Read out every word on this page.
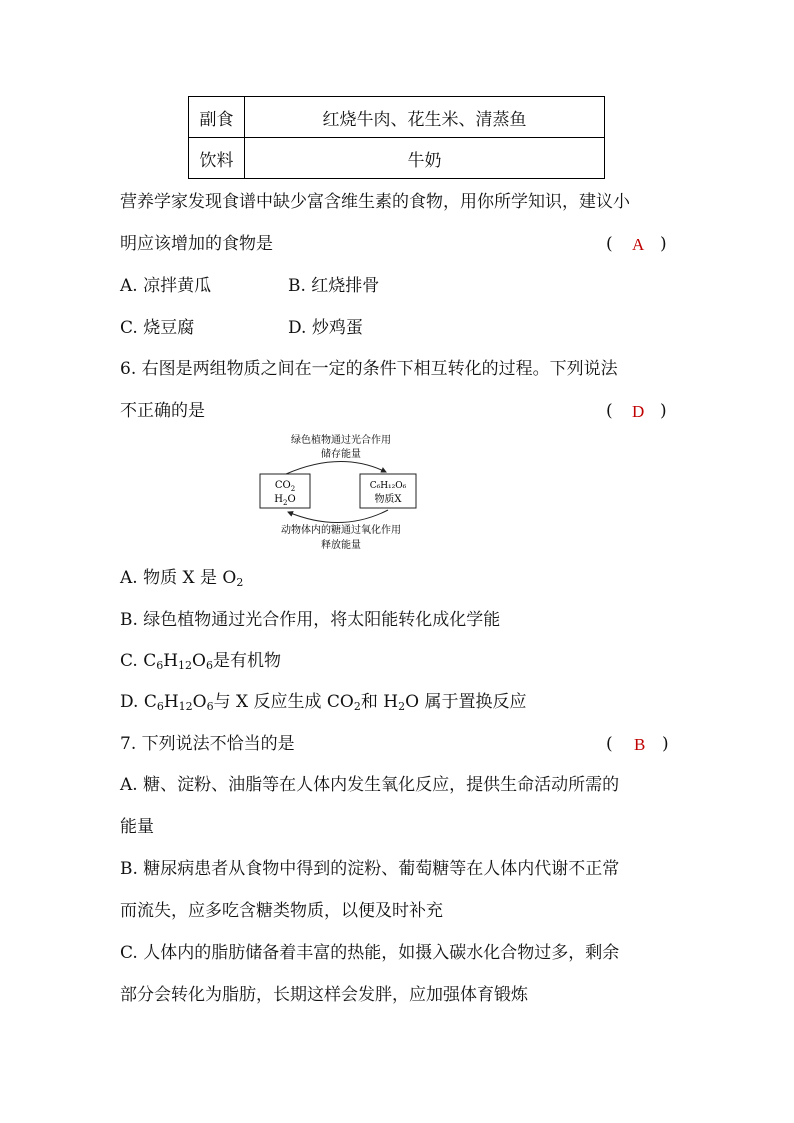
副食	红烧牛肉、花生米、清蒸鱼
饮料	牛奶
营养学家发现食谱中缺少富含维生素的食物，用你所学知识，建议小
明应该增加的食物是	( A )
A. 凉拌黄瓜	B. 红烧排骨
C. 烧豆腐	D. 炒鸡蛋
6. 右图是两组物质之间在一定的条件下相互转化的过程。下列说法
不正确的是	( D )
绿色植物通过光合作用
储存能量
$CO_2$
$H_2O$
C₆H₁₂O₆
物质X
动物体内的糖通过氧化作用
释放能量
A. 物质 X 是 $O_2$
B. 绿色植物通过光合作用，将太阳能转化成化学能
C. $C_6H_{12}O_6$是有机物
D. $C_6H_{12}O_6$与 X 反应生成 $CO_2$和 $H_2O$ 属于置换反应
7. 下列说法不恰当的是	( B )
A. 糖、淀粉、油脂等在人体内发生氧化反应，提供生命活动所需的
能量
B. 糖尿病患者从食物中得到的淀粉、葡萄糖等在人体内代谢不正常
而流失，应多吃含糖类物质，以便及时补充
C. 人体内的脂肪储备着丰富的热能，如摄入碳水化合物过多，剩余
部分会转化为脂肪，长期这样会发胖，应加强体育锻炼
